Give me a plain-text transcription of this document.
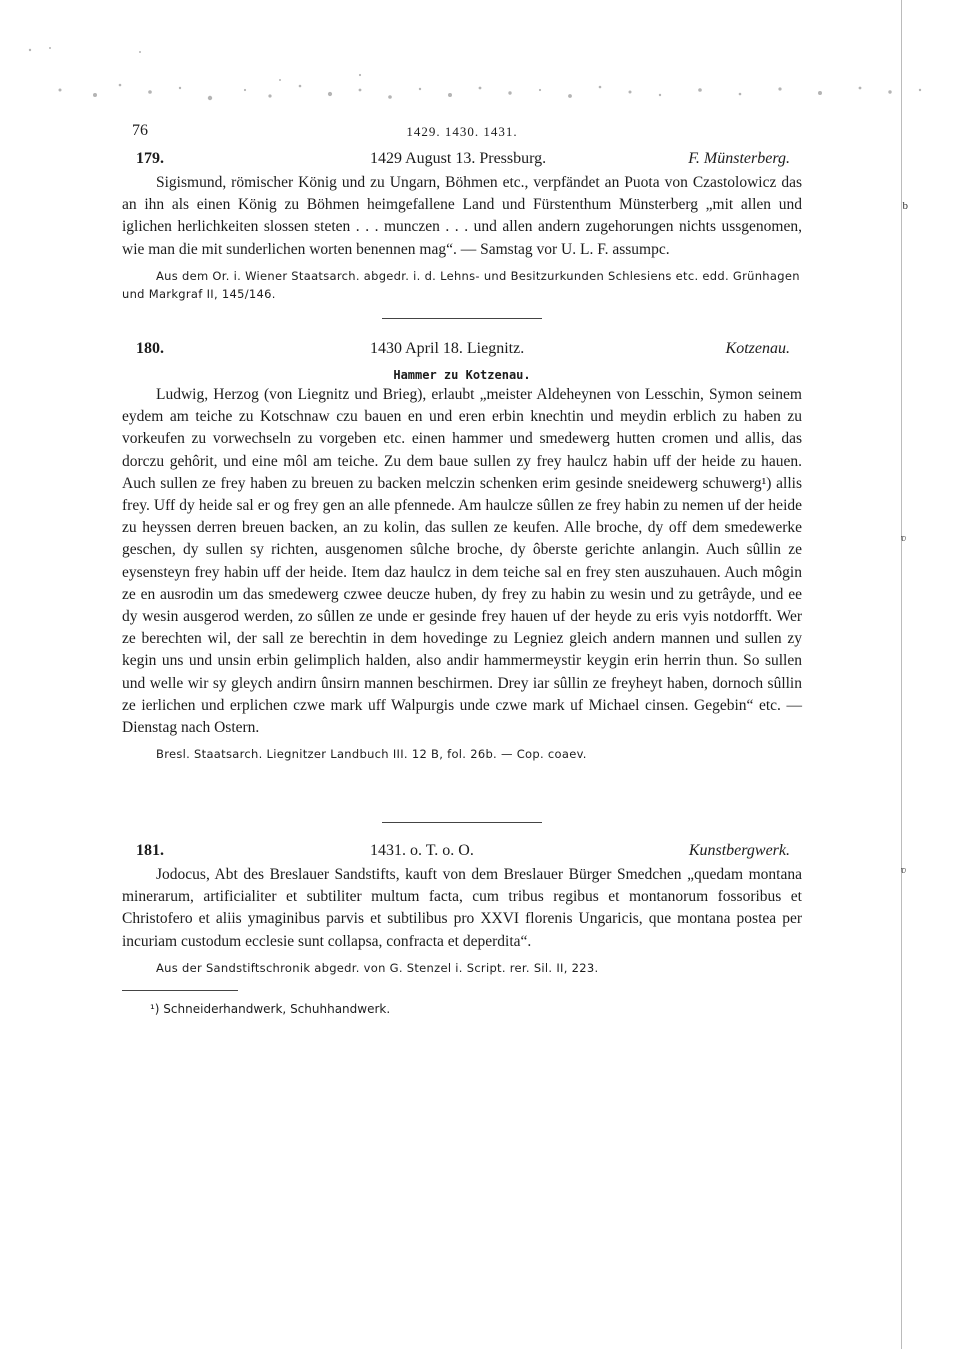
b
ʋ
ʋ
76	1429. 1430. 1431.
179.	1429 August 13. Pressburg.	F. Münsterberg.

Sigismund, römischer König und zu Ungarn, Böhmen etc., verpfändet an Puota von Czastolowicz das an ihn als einen König zu Böhmen heimgefallene Land und Fürstenthum Münsterberg „mit allen und iglichen herlichkeiten slossen steten . . . munczen . . . und allen andern zugehorungen nichts ussgenomen, wie man die mit sunderlichen worten benennen mag“. — Samstag vor U. L. F. assumpc.

Aus dem Or. i. Wiener Staatsarch. abgedr. i. d. Lehns- und Besitzurkunden Schlesiens etc. edd. Grünhagen und Markgraf II, 145/146.

180.	1430 April 18. Liegnitz.	Kotzenau.
Hammer zu Kotzenau.

Ludwig, Herzog (von Liegnitz und Brieg), erlaubt „meister Aldeheynen von Lesschin, Symon seinem eydem am teiche zu Kotschnaw czu bauen en und eren erbin knechtin und meydin erblich zu haben zu vorkeufen zu vorwechseln zu vorgeben etc. einen hammer und smedewerg hutten cromen und allis, das dorczu gehôrit, und eine môl am teiche. Zu dem baue sullen zy frey haulcz habin uff der heide zu hauen. Auch sullen ze frey haben zu breuen zu backen melczin schenken erim gesinde sneidewerg schuwerg¹) allis frey. Uff dy heide sal er og frey gen an alle pfennede. Am haulcze sûllen ze frey habin zu nemen uf der heide zu heyssen derren breuen backen, an zu kolin, das sullen ze keufen. Alle broche, dy off dem smedewerke geschen, dy sullen sy richten, ausgenomen sûlche broche, dy ôberste gerichte anlangin. Auch sûllin ze eysensteyn frey habin uff der heide. Item daz haulcz in dem teiche sal en frey sten auszuhauen. Auch môgin ze en ausrodin um das smedewerg czwee deucze huben, dy frey zu habin zu wesin und zu getrâyde, und ee dy wesin ausgerod werden, zo sûllen ze unde er gesinde frey hauen uf der heyde zu eris vyis notdorfft. Wer ze berechten wil, der sall ze berechtin in dem hovedinge zu Legniez gleich andern mannen und sullen zy kegin uns und unsin erbin gelimplich halden, also andir hammermeystir keygin erin herrin thun. So sullen und welle wir sy gleych andirn ûnsirn mannen beschirmen. Drey iar sûllin ze freyheyt haben, dornoch sûllin ze ierlichen und erplichen czwe mark uff Walpurgis unde czwe mark uf Michael cinsen. Gegebin“ etc. — Dienstag nach Ostern.

Bresl. Staatsarch. Liegnitzer Landbuch III. 12 B, fol. 26b. — Cop. coaev.

181.	1431. o. T. o. O.	Kunstbergwerk.

Jodocus, Abt des Breslauer Sandstifts, kauft von dem Breslauer Bürger Smedchen „quedam montana minerarum, artificialiter et subtiliter multum facta, cum tribus regibus et montanorum fossoribus et Christofero et aliis ymaginibus parvis et subtilibus pro XXVI florenis Ungaricis, que montana postea per incuriam custodum ecclesie sunt collapsa, confracta et deperdita“.

Aus der Sandstiftschronik abgedr. von G. Stenzel i. Script. rer. Sil. II, 223.

¹) Schneiderhandwerk, Schuhhandwerk.
